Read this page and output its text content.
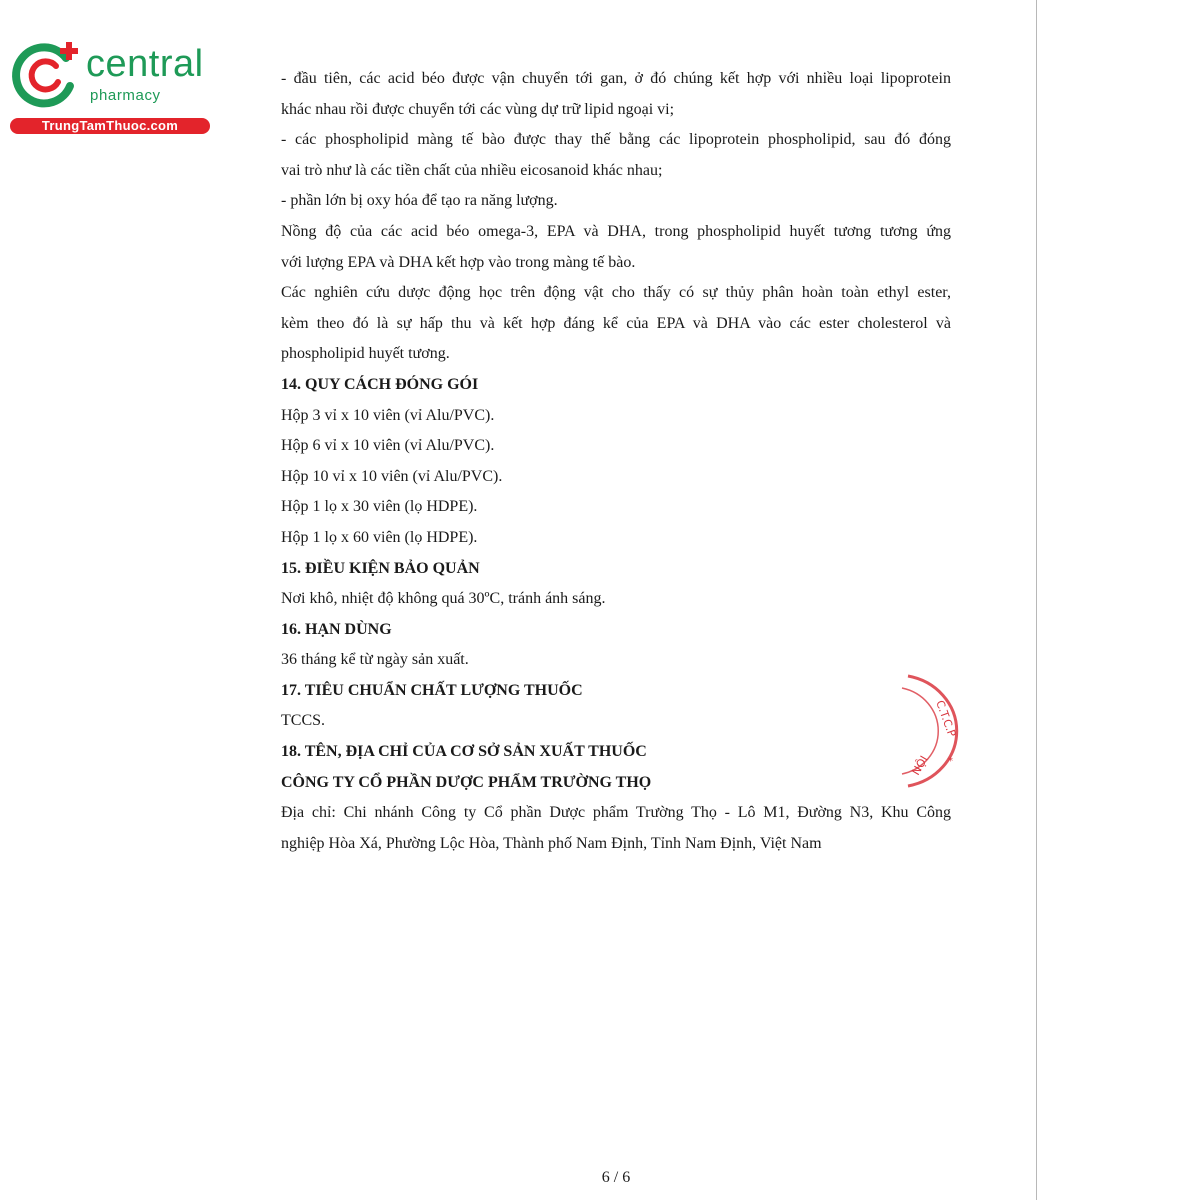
central
pharmacy
TrungTamThuoc.com
- đầu tiên, các acid béo được vận chuyển tới gan, ở đó chúng kết hợp với nhiều loại lipoprotein
khác nhau rồi được chuyển tới các vùng dự trữ lipid ngoại vi;
- các phospholipid màng tế bào được thay thế bằng các lipoprotein phospholipid, sau đó đóng
vai trò như là các tiền chất của nhiều eicosanoid khác nhau;
- phần lớn bị oxy hóa để tạo ra năng lượng.
Nồng độ của các acid béo omega-3, EPA và DHA, trong phospholipid huyết tương tương ứng
với lượng EPA và DHA kết hợp vào trong màng tế bào.
Các nghiên cứu dược động học trên động vật cho thấy có sự thủy phân hoàn toàn ethyl ester,
kèm theo đó là sự hấp thu và kết hợp đáng kể của EPA và DHA vào các ester cholesterol và
phospholipid huyết tương.
14. QUY CÁCH ĐÓNG GÓI
Hộp 3 vỉ x 10 viên (vỉ Alu/PVC).
Hộp 6 vỉ x 10 viên (vỉ Alu/PVC).
Hộp 10 vỉ x 10 viên (vỉ Alu/PVC).
Hộp 1 lọ x 30 viên (lọ HDPE).
Hộp 1 lọ x 60 viên (lọ HDPE).
15. ĐIỀU KIỆN BẢO QUẢN
Nơi khô, nhiệt độ không quá 30ºC, tránh ánh sáng.
16. HẠN DÙNG
36 tháng kể từ ngày sản xuất.
17. TIÊU CHUẨN CHẤT LƯỢNG THUỐC
TCCS.
18. TÊN, ĐỊA CHỈ CỦA CƠ SỞ SẢN XUẤT THUỐC
CÔNG TY CỔ PHẦN DƯỢC PHẨM TRƯỜNG THỌ
Địa chỉ: Chi nhánh Công ty Cổ phần Dược phẩm Trường Thọ - Lô M1, Đường N3, Khu Công
nghiệp Hòa Xá, Phường Lộc Hòa, Thành phố Nam Định, Tỉnh Nam Định, Việt Nam
C.T.C.P
NỘI *
6 / 6
